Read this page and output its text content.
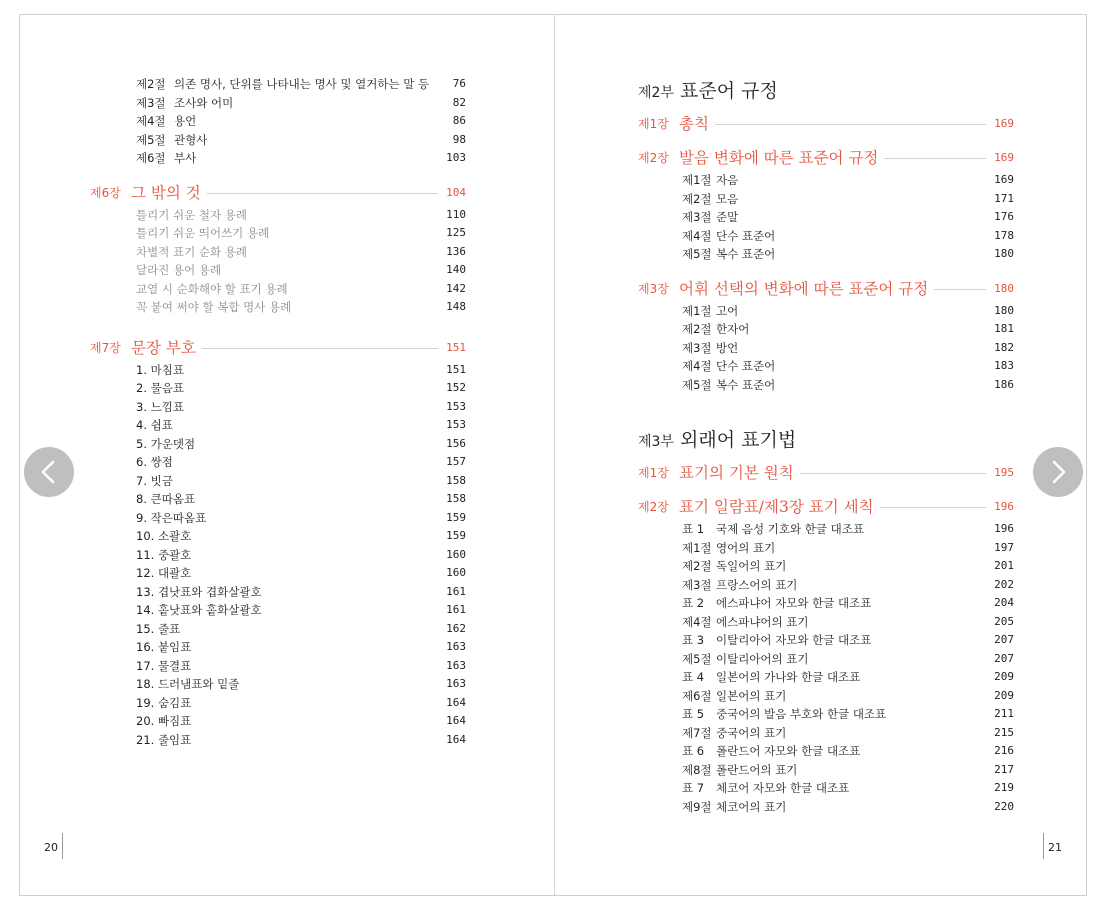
제2절 의존 명사, 단위를 나타내는 명사 및 열거하는 말 등 76
제3절 조사와 어미	82
제4절 용언	86
제5절 관형사	98
제6절 부사	103
제6장 그 밖의 것	104
틀리기 쉬운 철자 용례	110
틀리기 쉬운 띄어쓰기 용례	125
차별적 표기 순화 용례	136
달라진 용어 용례	140
교열 시 순화해야 할 표기 용례	142
꼭 붙여 써야 할 복합 명사 용례	148
제7장 문장 부호	151
1. 마침표	151
2. 물음표	152
3. 느낌표	153
4. 쉼표	153
5. 가운뎃점	156
6. 쌍점	157
7. 빗금	158
8. 큰따옴표	158
9. 작은따옴표	159
10. 소괄호	159
11. 중괄호	160
12. 대괄호	160
13. 겹낫표와 겹화살괄호	161
14. 홑낫표와 홑화살괄호	161
15. 줄표	162
16. 붙임표	163
17. 물결표	163
18. 드러냄표와 밑줄	163
19. 숨김표	164
20. 빠짐표	164
21. 줄임표	164
20
제2부 표준어 규정
제1장 총칙	169
제2장 발음 변화에 따른 표준어 규정	169
제1절 자음	169
제2절 모음	171
제3절 준말	176
제4절 단수 표준어	178
제5절 복수 표준어	180
제3장 어휘 선택의 변화에 따른 표준어 규정	180
제1절 고어	180
제2절 한자어	181
제3절 방언	182
제4절 단수 표준어	183
제5절 복수 표준어	186
제3부 외래어 표기법
제1장 표기의 기본 원칙	195
제2장 표기 일람표/제3장 표기 세칙	196
표 1 국제 음성 기호와 한글 대조표	196
제1절 영어의 표기	197
제2절 독일어의 표기	201
제3절 프랑스어의 표기	202
표 2 에스파냐어 자모와 한글 대조표	204
제4절 에스파냐어의 표기	205
표 3 이탈리아어 자모와 한글 대조표	207
제5절 이탈리아어의 표기	207
표 4 일본어의 가나와 한글 대조표	209
제6절 일본어의 표기	209
표 5 중국어의 발음 부호와 한글 대조표	211
제7절 중국어의 표기	215
표 6 폴란드어 자모와 한글 대조표	216
제8절 폴란드어의 표기	217
표 7 체코어 자모와 한글 대조표	219
제9절 체코어의 표기	220
21
